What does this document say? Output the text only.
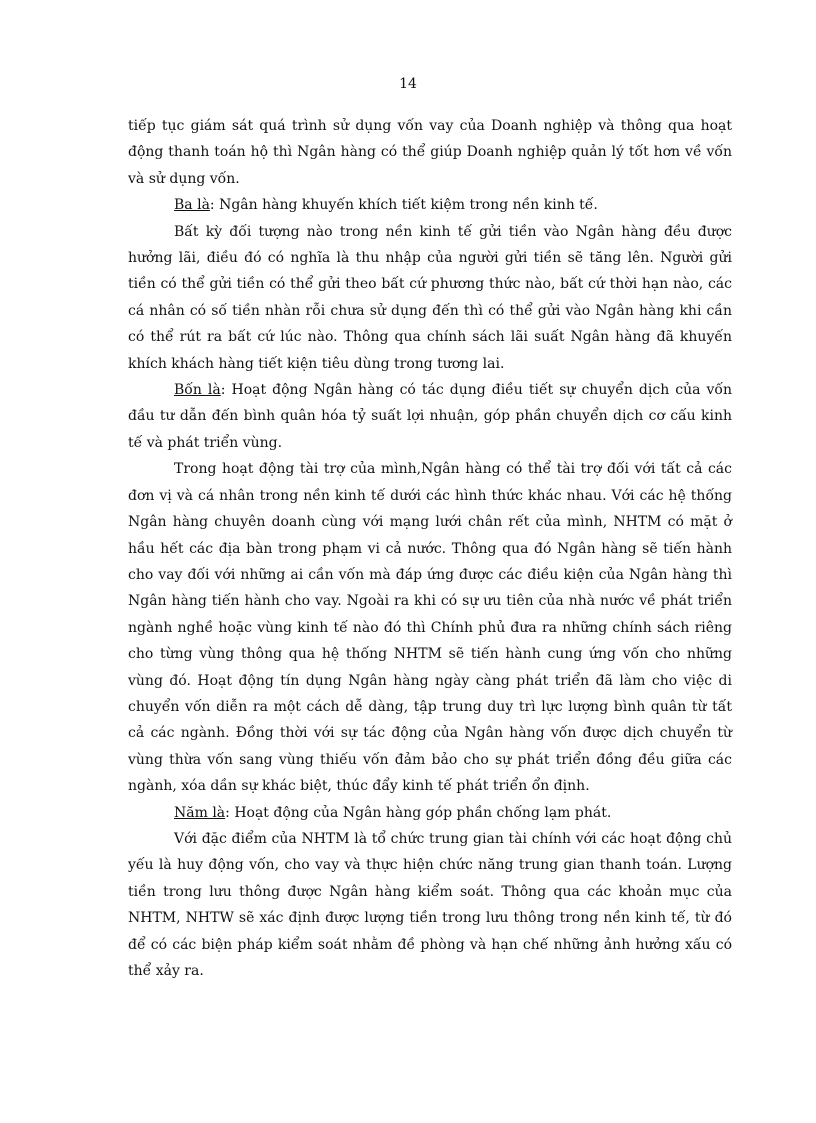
14

tiếp tục giám sát quá trình sử dụng vốn vay của Doanh nghiệp và thông qua hoạt động thanh toán hộ thì Ngân hàng có thể giúp Doanh nghiệp quản lý tốt hơn về vốn và sử dụng vốn.

Ba là: Ngân hàng khuyến khích tiết kiệm trong nền kinh tế.

Bất kỳ đối tượng nào trong nền kinh tế gửi tiền vào Ngân hàng đều được hưởng lãi, điều đó có nghĩa là thu nhập của người gửi tiền sẽ tăng lên. Người gửi tiền có thể gửi tiền có thể gửi theo bất cứ phương thức nào, bất cứ thời hạn nào, các cá nhân có số tiền nhàn rỗi chưa sử dụng đến thì có thể gửi vào Ngân hàng khi cần có thể rút ra bất cứ lúc nào. Thông qua chính sách lãi suất Ngân hàng đã khuyến khích khách hàng tiết kiện tiêu dùng trong tương lai.

Bốn là: Hoạt động Ngân hàng có tác dụng điều tiết sự chuyển dịch của vốn đầu tư dẫn đến bình quân hóa tỷ suất lợi nhuận, góp phần chuyển dịch cơ cấu kinh tế và phát triển vùng.

Trong hoạt động tài trợ của mình,Ngân hàng có thể tài trợ đối với tất cả các đơn vị và cá nhân trong nền kinh tế dưới các hình thức khác nhau. Với các hệ thống Ngân hàng chuyên doanh cùng với mạng lưới chân rết của mình, NHTM có mặt ở hầu hết các địa bàn trong phạm vi cả nước. Thông qua đó Ngân hàng sẽ tiến hành cho vay đối với những ai cần vốn mà đáp ứng được các điều kiện của Ngân hàng thì Ngân hàng tiến hành cho vay. Ngoài ra khi có sự ưu tiên của nhà nước về phát triển ngành nghề hoặc vùng kinh tế nào đó thì Chính phủ đưa ra những chính sách riêng cho từng vùng thông qua hệ thống NHTM sẽ tiến hành cung ứng vốn cho những vùng đó. Hoạt động tín dụng Ngân hàng ngày càng phát triển đã làm cho việc di chuyển vốn diễn ra một cách dễ dàng, tập trung duy trì lực lượng bình quân từ tất cả các ngành. Đồng thời với sự tác động của Ngân hàng vốn được dịch chuyển từ vùng thừa vốn sang vùng thiếu vốn đảm bảo cho sự phát triển đồng đều giữa các ngành, xóa dần sự khác biệt, thúc đẩy kinh tế phát triển ổn định.

Năm là: Hoạt động của Ngân hàng góp phần chống lạm phát.

Với đặc điểm của NHTM là tổ chức trung gian tài chính với các hoạt động chủ yếu là huy động vốn, cho vay và thực hiện chức năng trung gian thanh toán. Lượng tiền trong lưu thông được Ngân hàng kiểm soát. Thông qua các khoản mục của NHTM, NHTW sẽ xác định được lượng tiền trong lưu thông trong nền kinh tế, từ đó để có các biện pháp kiểm soát nhằm đề phòng và hạn chế những ảnh hưởng xấu có thể xảy ra.
